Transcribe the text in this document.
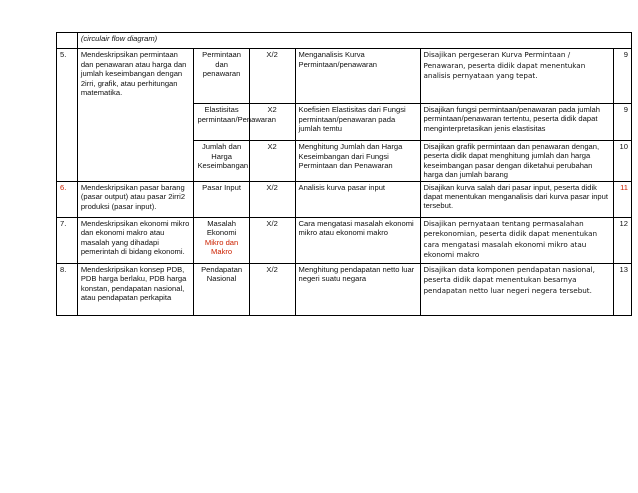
	(circulair flow diagram)					
5.	Mendeskripsikan permintaan dan penawaran atau harga dan jumlah keseimbangan dengan 2irri, grafik, atau perhitungan matematika.	Permintaan dan penawaran	X/2	Menganalisis Kurva Permintaan/penawaran	Disajikan pergeseran Kurva Permintaan / Penawaran, peserta didik dapat menentukan analisis pernyataan yang tepat.	9
		Elastisitas permintaan/Penawaran	X2	Koefisien Elastisitas dari Fungsi permintaan/penawaran pada jumlah temtu	Disajikan fungsi permintaan/penawaran pada jumlah permintaan/penawaran tertentu, peserta didik dapat menginterpretasikan jenis elastisitas	9
		Jumlah dan Harga Keseimbangan	X2	Menghitung Jumlah dan Harga Keseimbangan dari Fungsi Permintaan dan Penawaran	Disajikan grafik permintaan dan penawaran dengan, peserta didik dapat menghitung jumlah dan harga keseimbangan pasar dengan diketahui perubahan harga dan jumlah barang	10
6.	Mendeskripsikan pasar barang (pasar output) atau pasar 2irri2 produksi (pasar input).	Pasar Input	X/2	Analisis kurva pasar input	Disajikan kurva salah dari pasar input, peserta didik dapat menentukan menganalisis dari kurva pasar input tersebut.	11
7.	Mendeskripsikan ekonomi mikro dan ekonomi makro atau masalah yang dihadapi pemerintah di bidang ekonomi.	Masalah Ekonomi Mikro dan Makro	X/2	Cara mengatasi masalah ekonomi mikro atau ekonomi makro	Disajikan pernyataan tentang permasalahan perekonomian, peserta didik dapat menentukan cara mengatasi masalah ekonomi mikro atau ekonomi makro	12
8.	Mendeskripsikan konsep PDB, PDB harga berlaku, PDB harga konstan, pendapatan nasional, atau pendapatan perkapita	Pendapatan Nasional	X/2	Menghitung pendapatan netto luar negeri suatu negara	Disajikan data komponen pendapatan nasional, peserta didik dapat menentukan besarnya pendapatan netto luar negeri negera tersebut.	13
